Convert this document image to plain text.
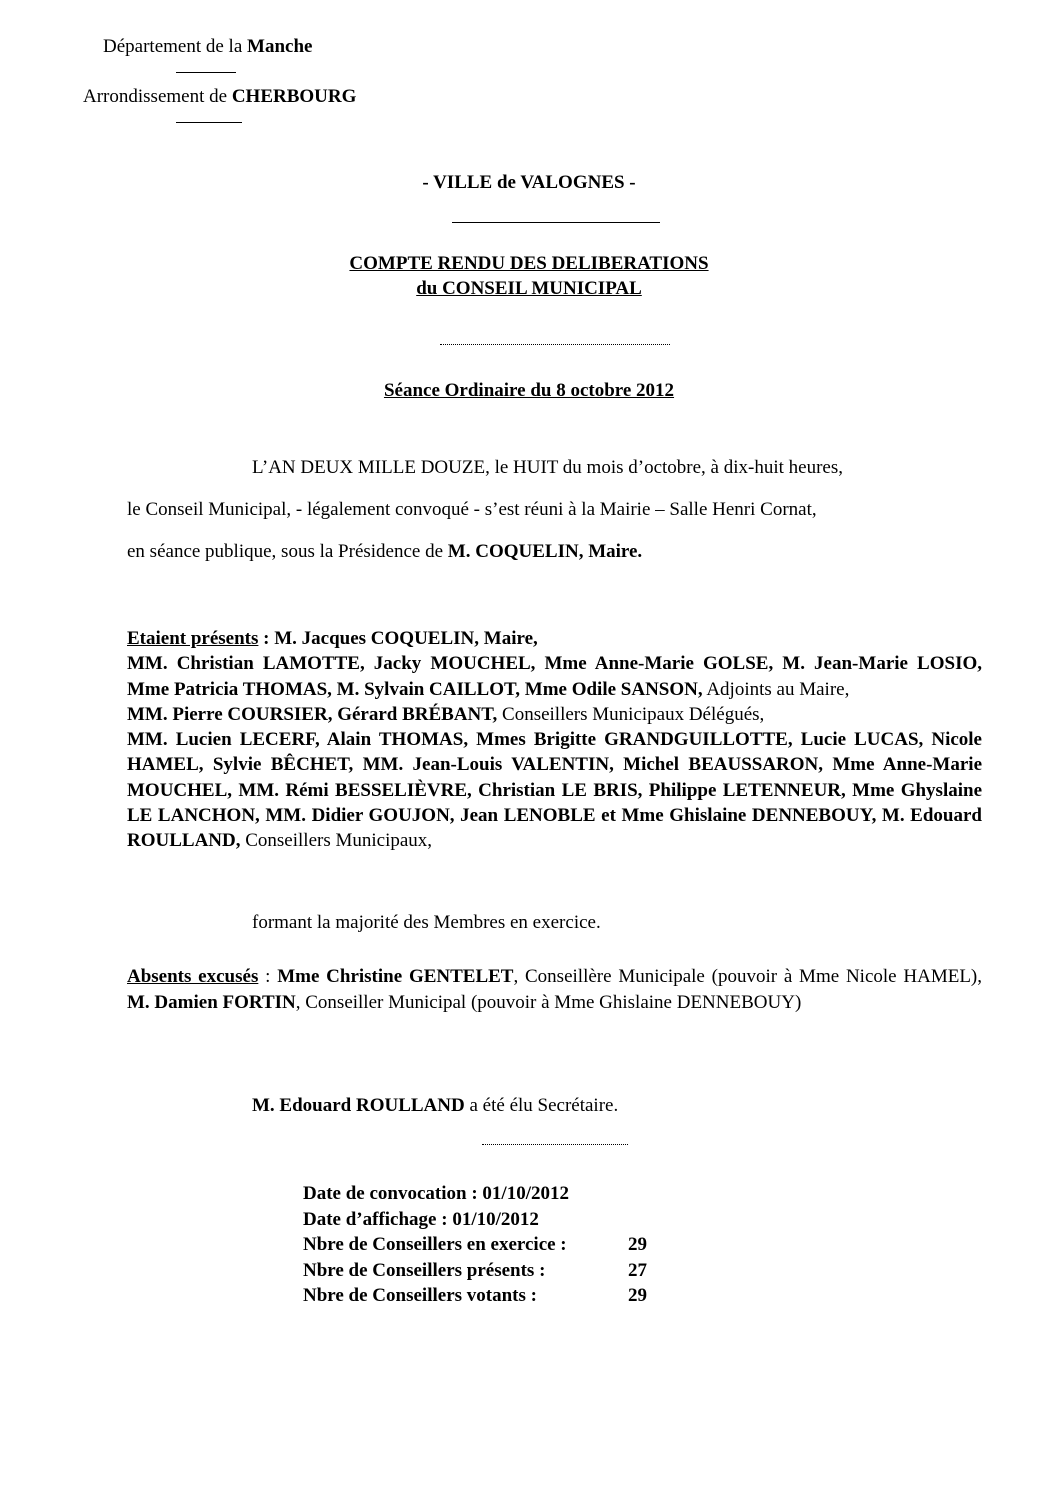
Département de la Manche
Arrondissement de CHERBOURG
- VILLE de VALOGNES -
COMPTE RENDU DES DELIBERATIONS
du CONSEIL MUNICIPAL
Séance Ordinaire du 8 octobre 2012

L’AN DEUX MILLE DOUZE, le HUIT du mois d’octobre, à dix-huit heures,

le Conseil Municipal, - légalement convoqué - s’est réuni à la Mairie – Salle Henri Cornat,

en séance publique, sous la Présidence de M. COQUELIN, Maire.

Etaient présents : M. Jacques COQUELIN, Maire,

MM. Christian LAMOTTE, Jacky MOUCHEL, Mme Anne-Marie GOLSE, M. Jean-Marie LOSIO, Mme Patricia THOMAS, M. Sylvain CAILLOT, Mme Odile SANSON, Adjoints au Maire,

MM. Pierre COURSIER, Gérard BRÉBANT, Conseillers Municipaux Délégués,

MM. Lucien LECERF, Alain THOMAS, Mmes Brigitte GRANDGUILLOTTE, Lucie LUCAS, Nicole HAMEL, Sylvie BÊCHET, MM. Jean-Louis VALENTIN, Michel BEAUSSARON, Mme Anne-Marie MOUCHEL, MM. Rémi BESSELIÈVRE, Christian LE BRIS, Philippe LETENNEUR, Mme Ghyslaine LE LANCHON, MM. Didier GOUJON, Jean LENOBLE et Mme Ghislaine DENNEBOUY, M. Edouard ROULLAND, Conseillers Municipaux,

formant la majorité des Membres en exercice.
Absents excusés : Mme Christine GENTELET, Conseillère Municipale (pouvoir à Mme Nicole HAMEL), M. Damien FORTIN, Conseiller Municipal (pouvoir à Mme Ghislaine DENNEBOUY)
M. Edouard ROULLAND a été élu Secrétaire.
Date de convocation : 01/10/2012
Date d’affichage : 01/10/2012
Nbre de Conseillers en exercice :	29
Nbre de Conseillers présents :	27
Nbre de Conseillers votants :	29
